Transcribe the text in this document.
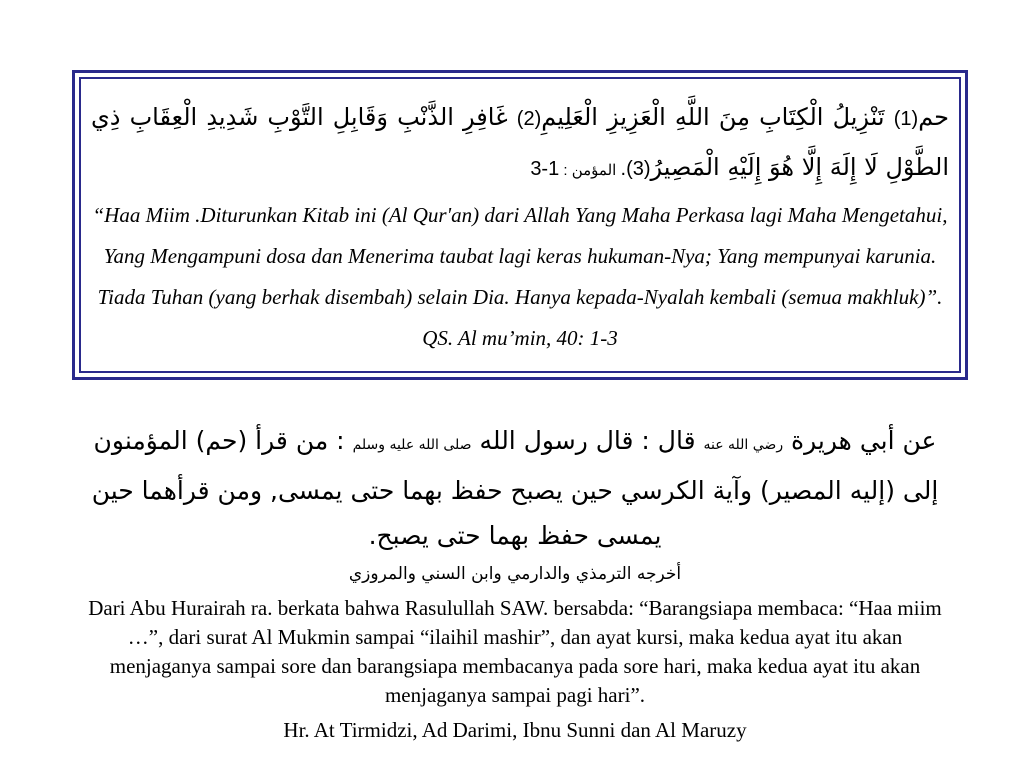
حم(1) تَنْزِيلُ الْكِتَابِ مِنَ اللَّهِ الْعَزِيزِ الْعَلِيمِ(2) غَافِرِ الذَّنْبِ وَقَابِلِ التَّوْبِ شَدِيدِ الْعِقَابِ ذِي الطَّوْلِ لَا إِلَهَ إِلَّا هُوَ إِلَيْهِ الْمَصِيرُ(3). المؤمن : 3-1

“Haa Miim .Diturunkan Kitab ini (Al Qur'an) dari Allah Yang Maha Perkasa lagi Maha Mengetahui, Yang Mengampuni dosa dan Menerima taubat lagi keras hukuman-Nya; Yang mempunyai karunia. Tiada Tuhan (yang berhak disembah) selain Dia. Hanya kepada-Nyalah kembali (semua makhluk)”. QS. Al mu’min, 40: 1-3

عن أبي هريرة رضي الله عنه قال : قال رسول الله صلى الله عليه وسلم : من قرأ (حم) المؤمنون إلى (إليه المصير) وآية الكرسي حين يصبح حفظ بهما حتى يمسى, ومن قرأهما حين يمسى حفظ بهما حتى يصبح.

أخرجه الترمذي والدارمي وابن السني والمروزي

Dari Abu Hurairah ra. berkata bahwa Rasulullah SAW. bersabda: “Barangsiapa membaca: “Haa miim …”, dari surat Al Mukmin sampai “ilaihil mashir”, dan ayat kursi, maka kedua ayat itu akan menjaganya sampai sore dan barangsiapa membacanya pada sore hari, maka kedua ayat itu akan menjaganya sampai pagi hari”.

Hr. At Tirmidzi, Ad Darimi, Ibnu Sunni dan Al Maruzy
